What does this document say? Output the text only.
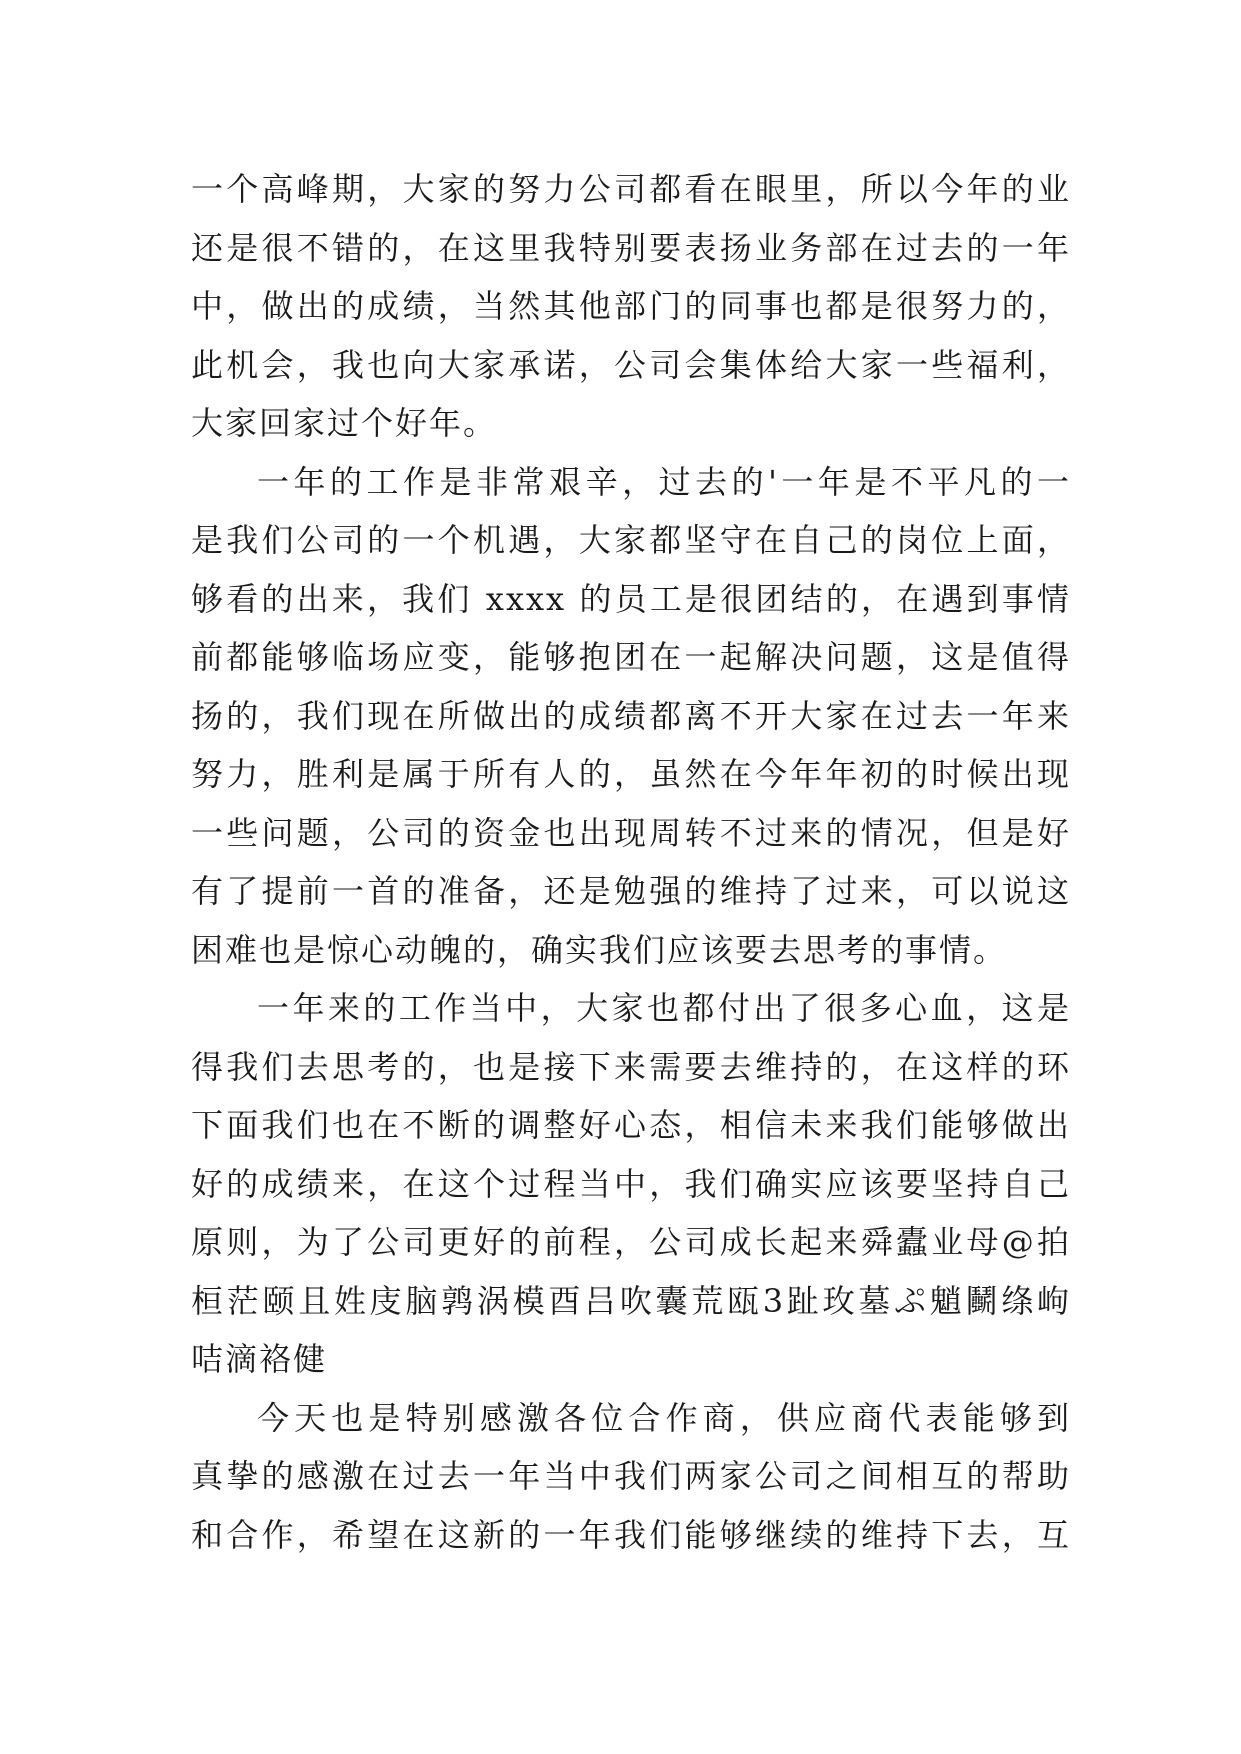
一个高峰期，大家的努力公司都看在眼里，所以今年的业
还是很不错的，在这里我特别要表扬业务部在过去的一年
中，做出的成绩，当然其他部门的同事也都是很努力的，
此机会，我也向大家承诺，公司会集体给大家一些福利，
大家回家过个好年。
一年的工作是非常艰辛，过去的'一年是不平凡的一
是我们公司的一个机遇，大家都坚守在自己的岗位上面，
够看的出来，我们 xxxx 的员工是很团结的，在遇到事情
前都能够临场应变，能够抱团在一起解决问题，这是值得
扬的，我们现在所做出的成绩都离不开大家在过去一年来
努力，胜利是属于所有人的，虽然在今年年初的时候出现
一些问题，公司的资金也出现周转不过来的情况，但是好
有了提前一首的准备，还是勉强的维持了过来，可以说这
困难也是惊心动魄的，确实我们应该要去思考的事情。
一年来的工作当中，大家也都付出了很多心血，这是
得我们去思考的，也是接下来需要去维持的，在这样的环
下面我们也在不断的调整好心态，相信未来我们能够做出
好的成绩来，在这个过程当中，我们确实应该要坚持自己
原则，为了公司更好的前程，公司成长起来舜蠹业母@拍
桓茫颐且姓庋脑鹑涡模酉吕吹囊荒瓯3趾玫墓ぷ魈鬭绦岣
咭滴袼健
今天也是特别感激各位合作商，供应商代表能够到
真挚的感激在过去一年当中我们两家公司之间相互的帮助
和合作，希望在这新的一年我们能够继续的维持下去，互
